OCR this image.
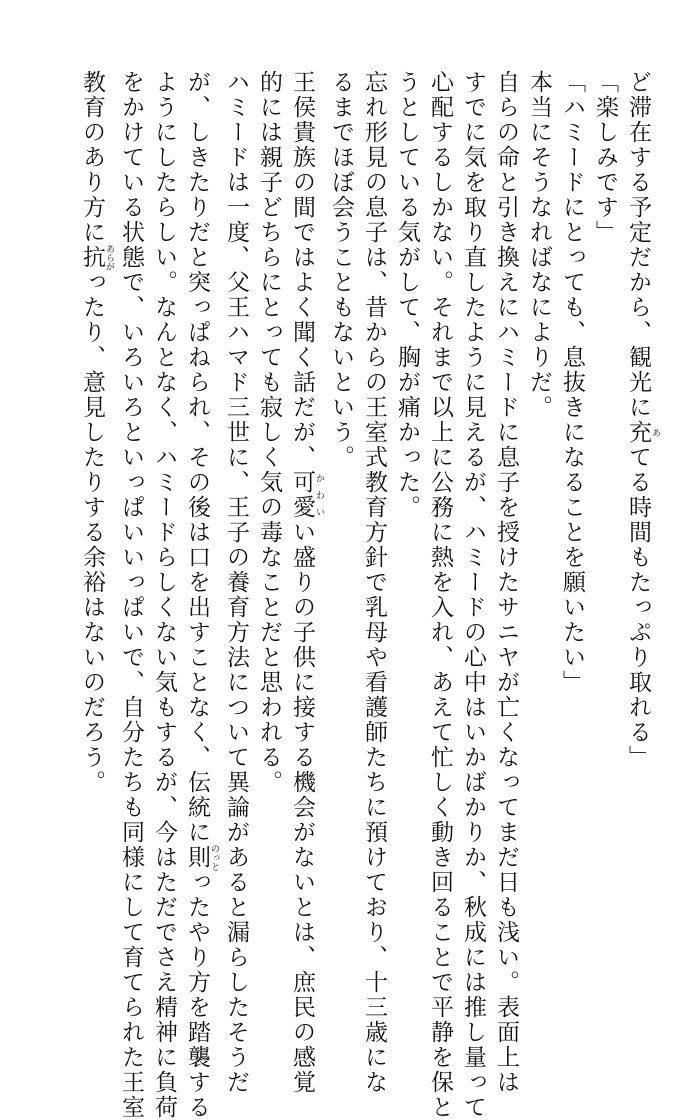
ど滞在する予定だから、観光に充 あてる時間もたっぷり取れる」
「楽しみです」
「ハミードにとっても、息抜きになることを願いたい」
本当にそうなればなによりだ。
自らの命と引き換えにハミードに息子を授けたサニヤが亡くなってまだ日も浅い。表面上は
すでに気を取り直したように見えるが、ハミードの心中はいかばかりか、秋成には推し量って
心配するしかない。それまで以上に公務に熱を入れ、あえて忙しく動き回ることで平静を保と
うとしている気がして、胸が痛かった。
忘れ形見の息子は、昔からの王室式教育方針で乳母や看護師たちに預けており、十三歳にな
るまでほぼ会うこともないという。
王侯貴族の間ではよく聞く話だが、可愛 かわいい盛りの子供に接する機会がないとは、庶民の感覚
的には親子どちらにとっても寂しく気の毒なことだと思われる。
ハミードは一度、父王ハマド三世に、王子の養育方法について異論があると漏らしたそうだ
が、しきたりだと突っぱねられ、その後は口を出すことなく、伝統に則 のっとったやり方を踏襲する
ようにしたらしい。なんとなく、ハミードらしくない気もするが、今はただでさえ精神に負荷
をかけている状態で、いろいろといっぱいいっぱいで、自分たちも同様にして育てられた王室
教育のあり方に抗 あらがったり、意見したりする余裕はないのだろう。
